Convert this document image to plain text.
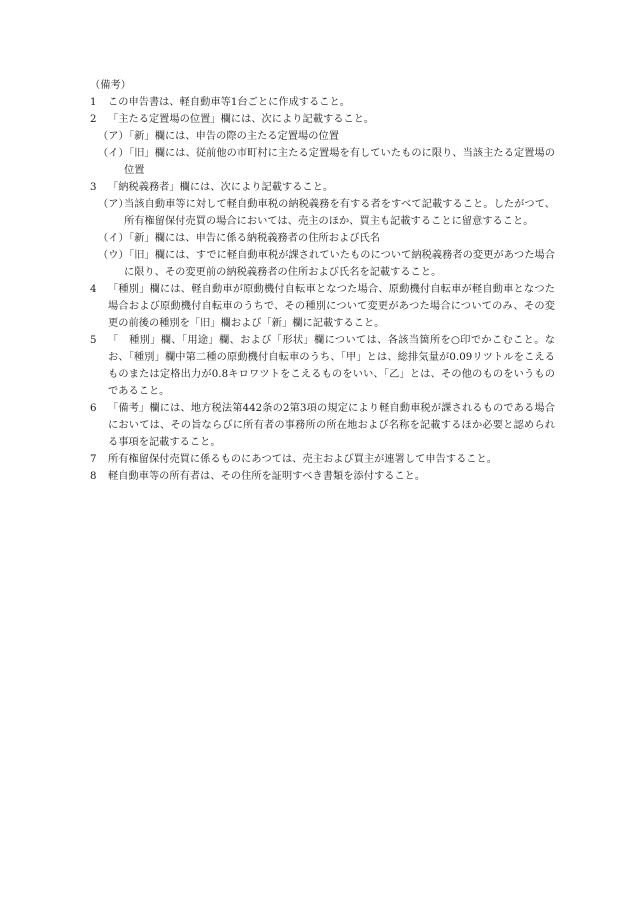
（備考）
1	この申告書は、軽自動車等1台ごとに作成すること。
2	「主たる定置場の位置」欄には、次により記載すること。
（ア）
「新」欄には、申告の際の主たる定置場の位置
（イ）
「旧」欄には、従前他の市町村に主たる定置場を有していたものに限り、当該主たる定置場の位置
3	「納税義務者」欄には、次により記載すること。
（ア）
当該自動車等に対して軽自動車税の納税義務を有する者をすべて記載すること。したがつて、所有権留保付売買の場合においては、売主のほか、買主も記載することに留意すること。
（イ）
「新」欄には、申告に係る納税義務者の住所および氏名
（ウ）
「旧」欄には、すでに軽自動車税が課されていたものについて納税義務者の変更があつた場合に限り、その変更前の納税義務者の住所および氏名を記載すること。
4	「種別」欄には、軽自動車が原動機付自転車となつた場合、原動機付自転車が軽自動車となつた場合および原動機付自転車のうちで、その種別について変更があつた場合についてのみ、その変更の前後の種別を「旧」欄および「新」欄に記載すること。
5	「　種別」欄、「用途」欄、および「形状」欄については、各該当箇所を○印でかこむこと。なお、「種別」欄中第二種の原動機付自転車のうち、「甲」とは、総排気量が0.09リツトルをこえるものまたは定格出力が0.8キロワツトをこえるものをいい、「乙」とは、その他のものをいうものであること。
6	「備考」欄には、地方税法第442条の2第3項の規定により軽自動車税が課されるものである場合においては、その旨ならびに所有者の事務所の所在地および名称を記載するほか必要と認められる事項を記載すること。
7	所有権留保付売買に係るものにあつては、売主および買主が連署して申告すること。
8	軽自動車等の所有者は、その住所を証明すべき書類を添付すること。
